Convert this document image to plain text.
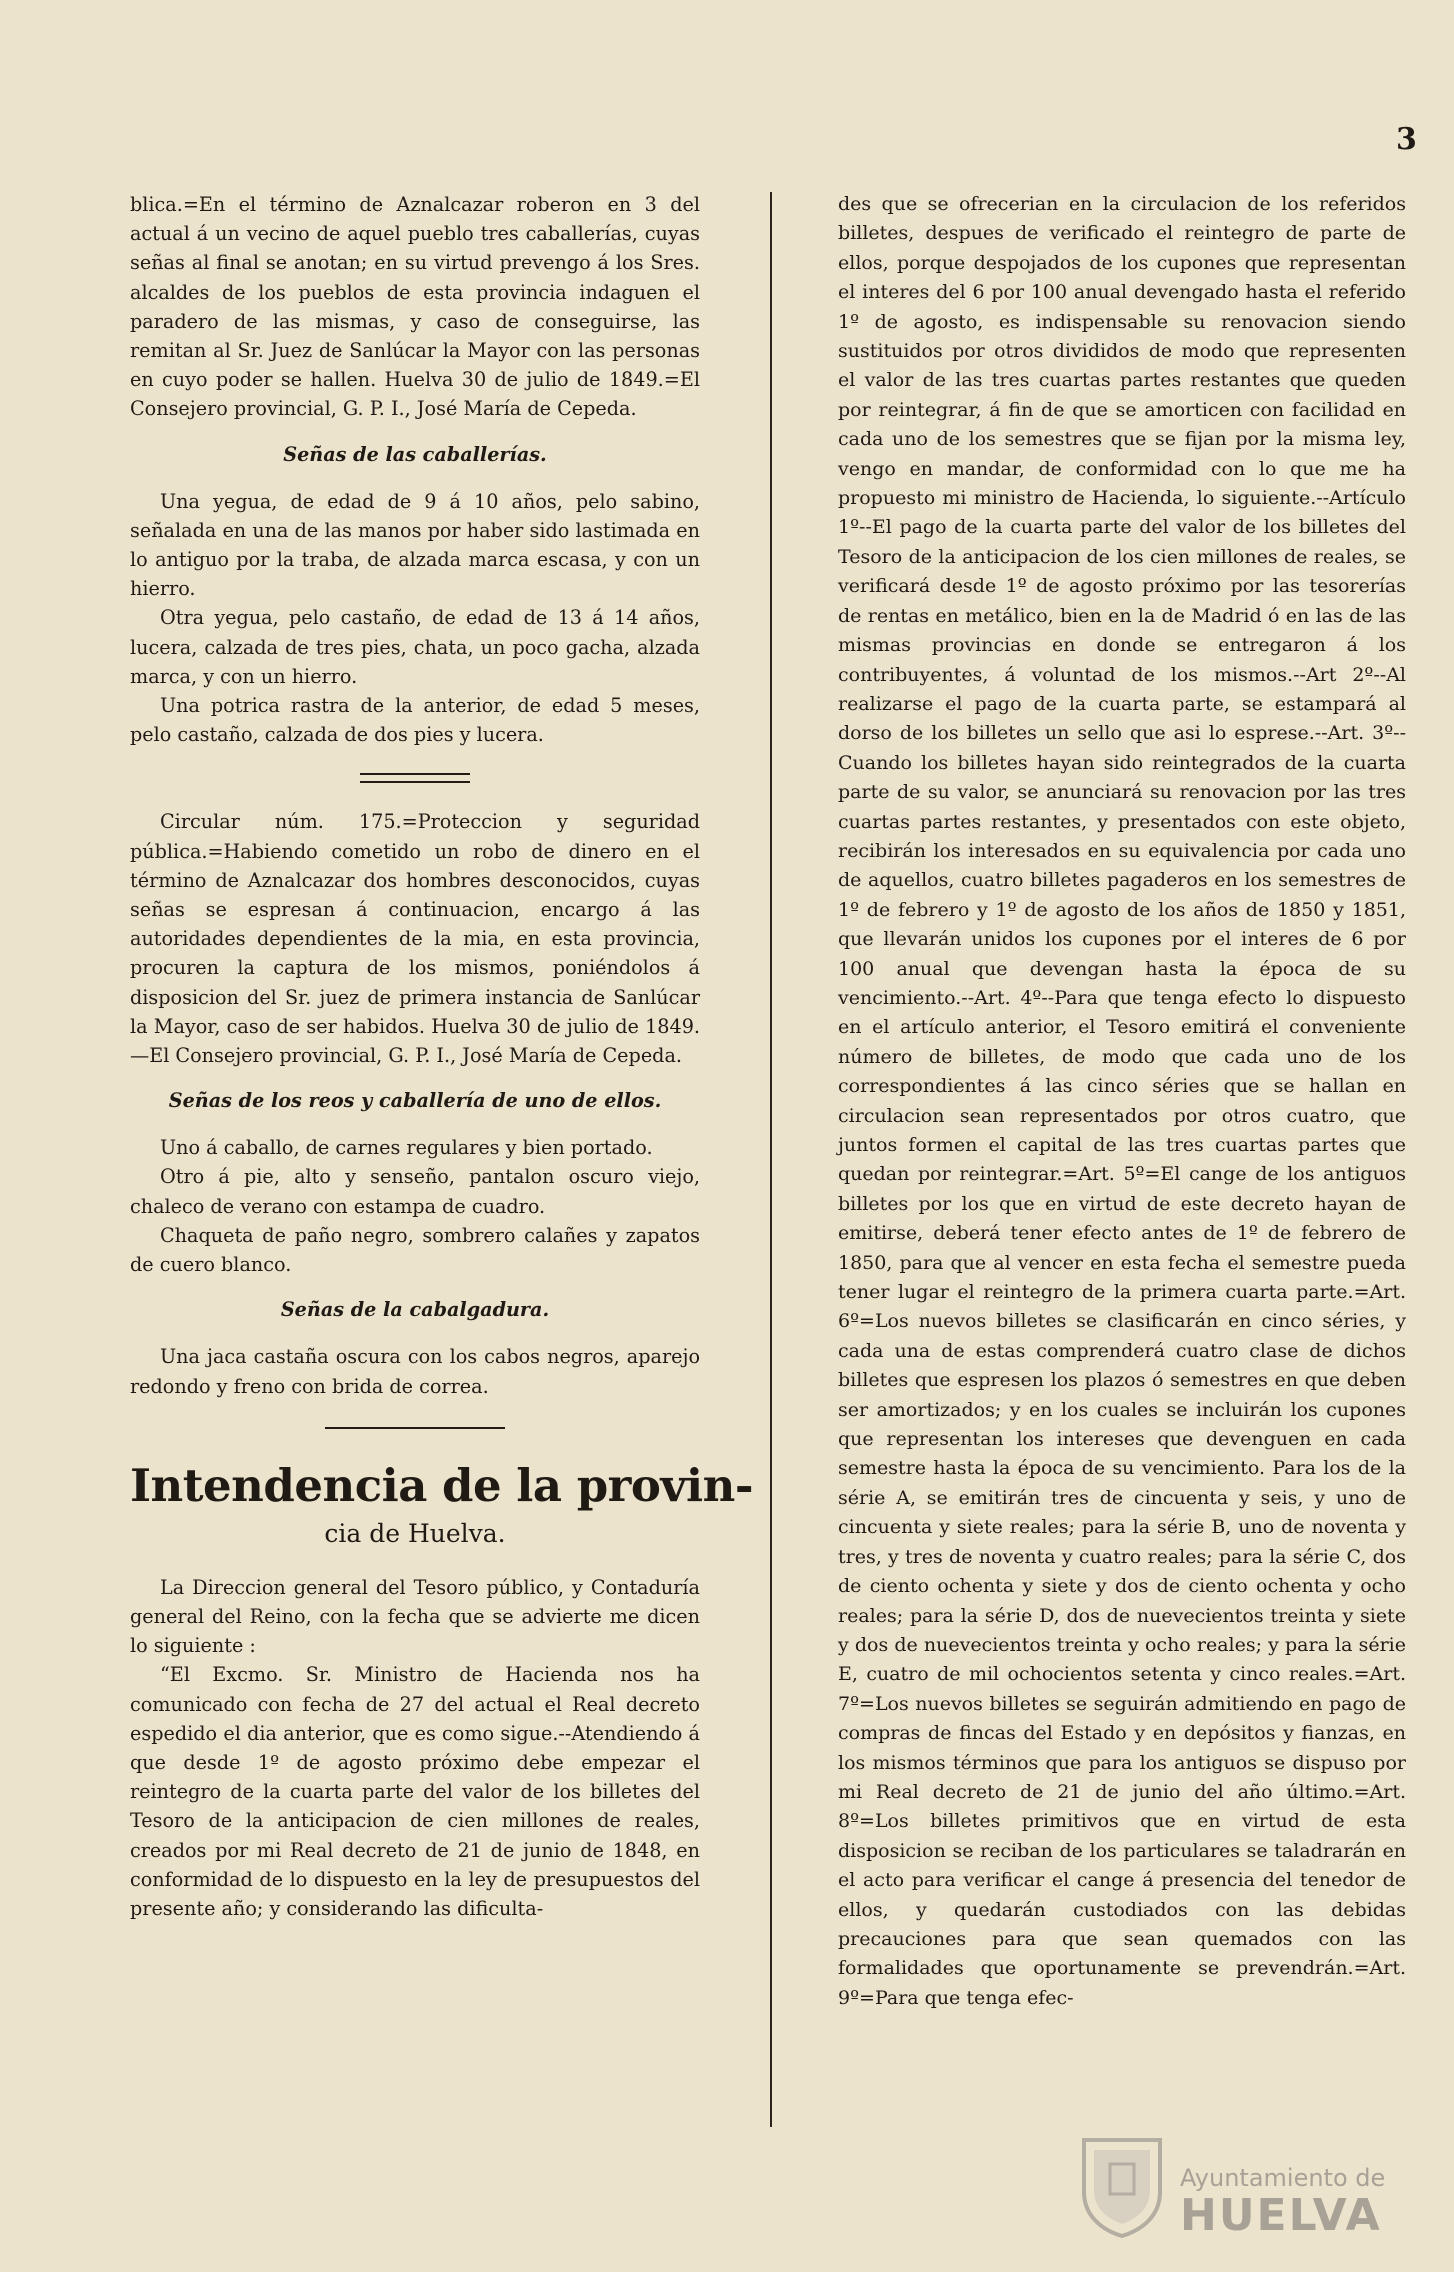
3

blica.=En el término de Aznalcazar roberon en 3 del actual á un vecino de aquel pueblo tres caballerías, cuyas señas al final se anotan; en su virtud prevengo á los Sres. alcaldes de los pueblos de esta provincia indaguen el paradero de las mismas, y caso de conseguirse, las remitan al Sr. Juez de Sanlúcar la Mayor con las personas en cuyo poder se hallen. Huelva 30 de julio de 1849.=El Consejero provincial, G. P. I., José María de Cepeda.

Señas de las caballerías.

Una yegua, de edad de 9 á 10 años, pelo sabino, señalada en una de las manos por haber sido lastimada en lo antiguo por la traba, de alzada marca escasa, y con un hierro.

Otra yegua, pelo castaño, de edad de 13 á 14 años, lucera, calzada de tres pies, chata, un poco gacha, alzada marca, y con un hierro.

Una potrica rastra de la anterior, de edad 5 meses, pelo castaño, calzada de dos pies y lucera.

Circular núm. 175.=Proteccion y seguridad pública.=Habiendo cometido un robo de dinero en el término de Aznalcazar dos hombres desconocidos, cuyas señas se espresan á continuacion, encargo á las autoridades dependientes de la mia, en esta provincia, procuren la captura de los mismos, poniéndolos á disposicion del Sr. juez de primera instancia de Sanlúcar la Mayor, caso de ser habidos. Huelva 30 de julio de 1849.—El Consejero provincial, G. P. I., José María de Cepeda.

Señas de los reos y caballería de uno de ellos.

Uno á caballo, de carnes regulares y bien portado.

Otro á pie, alto y senseño, pantalon oscuro viejo, chaleco de verano con estampa de cuadro.

Chaqueta de paño negro, sombrero calañes y zapatos de cuero blanco.

Señas de la cabalgadura.

Una jaca castaña oscura con los cabos negros, aparejo redondo y freno con brida de correa.

Intendencia de la provin-
cia de Huelva.

La Direccion general del Tesoro público, y Contaduría general del Reino, con la fecha que se advierte me dicen lo siguiente :

“El Excmo. Sr. Ministro de Hacienda nos ha comunicado con fecha de 27 del actual el Real decreto espedido el dia anterior, que es como sigue.--Atendiendo á que desde 1º de agosto próximo debe empezar el reintegro de la cuarta parte del valor de los billetes del Tesoro de la anticipacion de cien millones de reales, creados por mi Real decreto de 21 de junio de 1848, en conformidad de lo dispuesto en la ley de presupuestos del presente año; y considerando las dificulta-

des que se ofrecerian en la circulacion de los referidos billetes, despues de verificado el reintegro de parte de ellos, porque despojados de los cupones que representan el interes del 6 por 100 anual devengado hasta el referido 1º de agosto, es indispensable su renovacion siendo sustituidos por otros divididos de modo que representen el valor de las tres cuartas partes restantes que queden por reintegrar, á fin de que se amorticen con facilidad en cada uno de los semestres que se fijan por la misma ley, vengo en mandar, de conformidad con lo que me ha propuesto mi ministro de Hacienda, lo siguiente.--Artículo 1º--El pago de la cuarta parte del valor de los billetes del Tesoro de la anticipacion de los cien millones de reales, se verificará desde 1º de agosto próximo por las tesorerías de rentas en metálico, bien en la de Madrid ó en las de las mismas provincias en donde se entregaron á los contribuyentes, á voluntad de los mismos.--Art 2º--Al realizarse el pago de la cuarta parte, se estampará al dorso de los billetes un sello que asi lo esprese.--Art. 3º--Cuando los billetes hayan sido reintegrados de la cuarta parte de su valor, se anunciará su renovacion por las tres cuartas partes restantes, y presentados con este objeto, recibirán los interesados en su equivalencia por cada uno de aquellos, cuatro billetes pagaderos en los semestres de 1º de febrero y 1º de agosto de los años de 1850 y 1851, que llevarán unidos los cupones por el interes de 6 por 100 anual que devengan hasta la época de su vencimiento.--Art. 4º--Para que tenga efecto lo dispuesto en el artículo anterior, el Tesoro emitirá el conveniente número de billetes, de modo que cada uno de los correspondientes á las cinco séries que se hallan en circulacion sean representados por otros cuatro, que juntos formen el capital de las tres cuartas partes que quedan por reintegrar.=Art. 5º=El cange de los antiguos billetes por los que en virtud de este decreto hayan de emitirse, deberá tener efecto antes de 1º de febrero de 1850, para que al vencer en esta fecha el semestre pueda tener lugar el reintegro de la primera cuarta parte.=Art. 6º=Los nuevos billetes se clasificarán en cinco séries, y cada una de estas comprenderá cuatro clase de dichos billetes que espresen los plazos ó semestres en que deben ser amortizados; y en los cuales se incluirán los cupones que representan los intereses que devenguen en cada semestre hasta la época de su vencimiento. Para los de la série A, se emitirán tres de cincuenta y seis, y uno de cincuenta y siete reales; para la série B, uno de noventa y tres, y tres de noventa y cuatro reales; para la série C, dos de ciento ochenta y siete y dos de ciento ochenta y ocho reales; para la série D, dos de nuevecientos treinta y siete y dos de nuevecientos treinta y ocho reales; y para la série E, cuatro de mil ochocientos setenta y cinco reales.=Art. 7º=Los nuevos billetes se seguirán admitiendo en pago de compras de fincas del Estado y en depósitos y fianzas, en los mismos términos que para los antiguos se dispuso por mi Real decreto de 21 de junio del año último.=Art. 8º=Los billetes primitivos que en virtud de esta disposicion se reciban de los particulares se taladrarán en el acto para verificar el cange á presencia del tenedor de ellos, y quedarán custodiados con las debidas precauciones para que sean quemados con las formalidades que oportunamente se prevendrán.=Art. 9º=Para que tenga efec-

Ayuntamiento de
HUELVA
